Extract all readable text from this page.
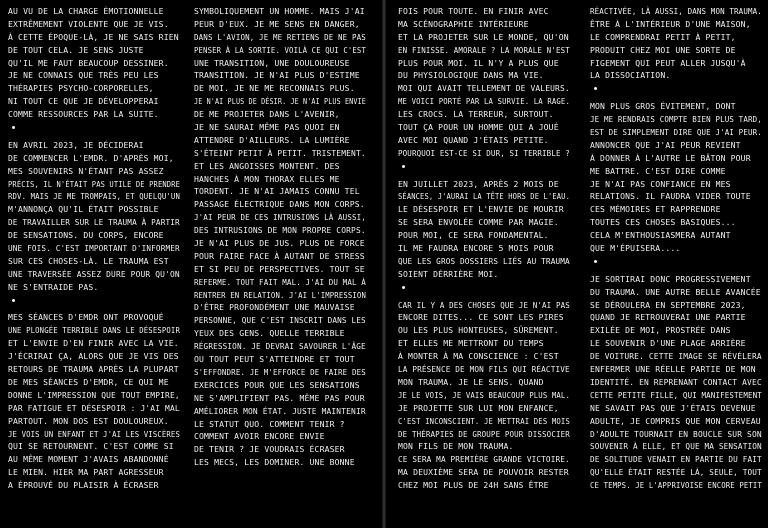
AU VU DE LA CHARGE ÉMOTIONNELLE
EXTRÊMEMENT VIOLENTE QUE JE VIS.
À CETTE ÉPOQUE-LÀ, JE NE SAIS RIEN
DE TOUT CELA. JE SENS JUSTE
QU'IL ME FAUT BEAUCOUP DESSINER.
JE NE CONNAIS QUE TRÈS PEU LES
THÉRAPIES PSYCHO-CORPORELLES,
NI TOUT CE QUE JE DÉVELOPPERAI
COMME RESSOURCES PAR LA SUITE.
EN AVRIL 2023, JE DÉCIDERAI
DE COMMENCER L'EMDR. D'APRÈS MOI,
MES SOUVENIRS N'ÉTANT PAS ASSEZ
PRÉCIS, IL N'ÉTAIT PAS UTILE DE PRENDRE
RDV. MAIS JE ME TROMPAIS, ET QUELQU'UN
M'ANNONÇA QU'IL ÉTAIT POSSIBLE
DE TRAVAILLER SUR LE TRAUMA À PARTIR
DE SENSATIONS. DU CORPS, ENCORE
UNE FOIS. C'EST IMPORTANT D'INFORMER
SUR CES CHOSES-LÀ. LE TRAUMA EST
UNE TRAVERSÉE ASSEZ DURE POUR QU'ON
NE S'ENTRAIDE PAS.
MES SÉANCES D'EMDR ONT PROVOQUÉ
UNE PLONGÉE TERRIBLE DANS LE DÉSESPOIR
ET L'ENVIE D'EN FINIR AVEC LA VIE.
J'ÉCRIRAI ÇA, ALORS QUE JE VIS DES
RETOURS DE TRAUMA APRÈS LA PLUPART
DE MES SÉANCES D'EMDR, CE QUI ME
DONNE L'IMPRESSION QUE TOUT EMPIRE,
PAR FATIGUE ET DÉSESPOIR : J'AI MAL
PARTOUT. MON DOS EST DOULOUREUX.
JE VOIS UN ENFANT ET J'AI LES VISCÈRES
QUI SE RETOURNENT. C'EST COMME SI
AU MÊME MOMENT J'AVAIS ABANDONNÉ
LE MIEN. HIER MA PART AGRESSEUR
A ÉPROUVÉ DU PLAISIR À ÉCRASER
SYMBOLIQUEMENT UN HOMME. MAIS J'AI
PEUR D'EUX. JE ME SENS EN DANGER,
DANS L'AVION, JE ME RETIENS DE NE PAS
PENSER À LA SORTIE. VOILÀ CE QUI C'EST
UNE TRANSITION, UNE DOULOUREUSE
TRANSITION. JE N'AI PLUS D'ESTIME
DE MOI. JE NE ME RECONNAIS PLUS.
JE N'AI PLUS DE DÉSIR. JE N'AI PLUS ENVIE
DE ME PROJETER DANS L'AVENIR,
JE NE SAURAI MÊME PAS QUOI EN
ATTENDRE D'AILLEURS. LA LUMIÈRE
S'ÉTEINT PETIT À PETIT. TRISTEMENT.
ET LES ANGOISSES MONTENT. DES
HANCHES À MON THORAX ELLES ME
TORDENT. JE N'AI JAMAIS CONNU TEL
PASSAGE ÉLECTRIQUE DANS MON CORPS.
J'AI PEUR DE CES INTRUSIONS LÀ AUSSI,
DES INTRUSIONS DE MON PROPRE CORPS.
JE N'AI PLUS DE JUS. PLUS DE FORCE
POUR FAIRE FACE À AUTANT DE STRESS
ET SI PEU DE PERSPECTIVES. TOUT SE
REFERME. TOUT FAIT MAL. J'AI DU MAL À
RENTRER EN RELATION. J'AI L'IMPRESSION
D'ÊTRE PROFONDÉMENT UNE MAUVAISE
PERSONNE, QUE C'EST INSCRIT DANS LES
YEUX DES GENS. QUELLE TERRIBLE
RÉGRESSION. JE DEVRAI SAVOURER L'ÂGE
OU TOUT PEUT S'ATTEINDRE ET TOUT
S'EFFONDRE. JE M'EFFORCE DE FAIRE DES
EXERCICES POUR QUE LES SENSATIONS
NE S'AMPLIFIENT PAS. MÊME PAS POUR
AMÉLIORER MON ÉTAT. JUSTE MAINTENIR
LE STATUT QUO. COMMENT TENIR ?
COMMENT AVOIR ENCORE ENVIE
DE TENIR ? JE VOUDRAIS ÉCRASER
LES MECS, LES DOMINER. UNE BONNE
FOIS POUR TOUTE. EN FINIR AVEC
MA SCÉNOGRAPHIE INTÉRIEURE
ET LA PROJETER SUR LE MONDE, QU'ON
EN FINISSE. AMORALE ? LA MORALE N'EST
PLUS POUR MOI. IL N'Y A PLUS QUE
DU PHYSIOLOGIQUE DANS MA VIE.
MOI QUI AVAIT TELLEMENT DE VALEURS.
ME VOICI PORTÉ PAR LA SURVIE. LA RAGE.
LES CROCS. LA TERREUR, SURTOUT.
TOUT ÇA POUR UN HOMME QUI A JOUÉ
AVEC MOI QUAND J'ÉTAIS PETITE.
POURQUOI EST-CE SI DUR, SI TERRIBLE ?
EN JUILLET 2023, APRÈS 2 MOIS DE
SÉANCES, J'AURAI LA TÊTE HORS DE L'EAU.
LE DÉSESPOIR ET L'ENVIE DE MOURIR
SE SERA ENVOLÉE COMME PAR MAGIE.
POUR MOI, CE SERA FONDAMENTAL.
IL ME FAUDRA ENCORE 5 MOIS POUR
QUE LES GROS DOSSIERS LIÉS AU TRAUMA
SOIENT DÉRRIÈRE MOI.
CAR IL Y A DES CHOSES QUE JE N'AI PAS
ENCORE DITES... CE SONT LES PIRES
OU LES PLUS HONTEUSES, SÛREMENT.
ET ELLES ME METTRONT DU TEMPS
À MONTER À MA CONSCIENCE : C'EST
LA PRÉSENCE DE MON FILS QUI RÉACTIVE
MON TRAUMA. JE LE SENS. QUAND
JE LE VOIS, JE VAIS BEAUCOUP PLUS MAL.
JE PROJETTE SUR LUI MON ENFANCE,
C'EST INCONSCIENT. JE METTRAI DES MOIS
DE THÉRAPIES DE GROUPE POUR DISSOCIER
MON FILS DE MON TRAUMA.
CE SERA MA PREMIÈRE GRANDE VICTOIRE.
MA DEUXIÈME SERA DE POUVOIR RESTER
CHEZ MOI PLUS DE 24H SANS ÊTRE
RÉACTIVÉE, LÀ AUSSI, DANS MON TRAUMA.
ÊTRE À L'INTÉRIEUR D'UNE MAISON,
LE COMPRENDRAI PETIT À PETIT,
PRODUIT CHEZ MOI UNE SORTE DE
FIGEMENT QUI PEUT ALLER JUSQU'À
LA DISSOCIATION.
MON PLUS GROS ÉVITEMENT, DONT
JE ME RENDRAIS COMPTE BIEN PLUS TARD,
EST DE SIMPLEMENT DIRE QUE J'AI PEUR.
ANNONCER QUE J'AI PEUR REVIENT
À DONNER À L'AUTRE LE BÂTON POUR
ME BATTRE. C'EST DIRE COMME
JE N'AI PAS CONFIANCE EN MES
RELATIONS. IL FAUDRA VIDER TOUTE
CES MÉMOIRES ET RAPPRENDRE
TOUTES CES CHOSES BASIQUES...
CELA M'ENTHOUSIASMERA AUTANT
QUE M'ÉPUISERA....
JE SORTIRAI DONC PROGRESSIVEMENT
DU TRAUMA. UNE AUTRE BELLE AVANCÉE
SE DÉROULERA EN SEPTEMBRE 2023,
QUAND JE RETROUVERAI UNE PARTIE
EXILÉE DE MOI, PROSTRÉE DANS
LE SOUVENIR D'UNE PLAGE ARRIÈRE
DE VOITURE. CETTE IMAGE SE RÉVÉLERA
ENFERMER UNE RÉELLE PARTIE DE MON
IDENTITÉ. EN REPRENANT CONTACT AVEC
CETTE PETITE FILLE, QUI MANIFESTEMENT
NE SAVAIT PAS QUE J'ÉTAIS DEVENUE
ADULTE, JE COMPRIS QUE MON CERVEAU
D'ADULTE TOURNAIT EN BOUCLE SUR SON
SOUVENIR À ELLE, ET QUE MA SENSATION
DE SOLITUDE VENAIT EN PARTIE DU FAIT
QU'ELLE ÉTAIT RESTÉE LÀ, SEULE, TOUT
CE TEMPS. JE L'APPRIVOISE ENCORE PETIT
